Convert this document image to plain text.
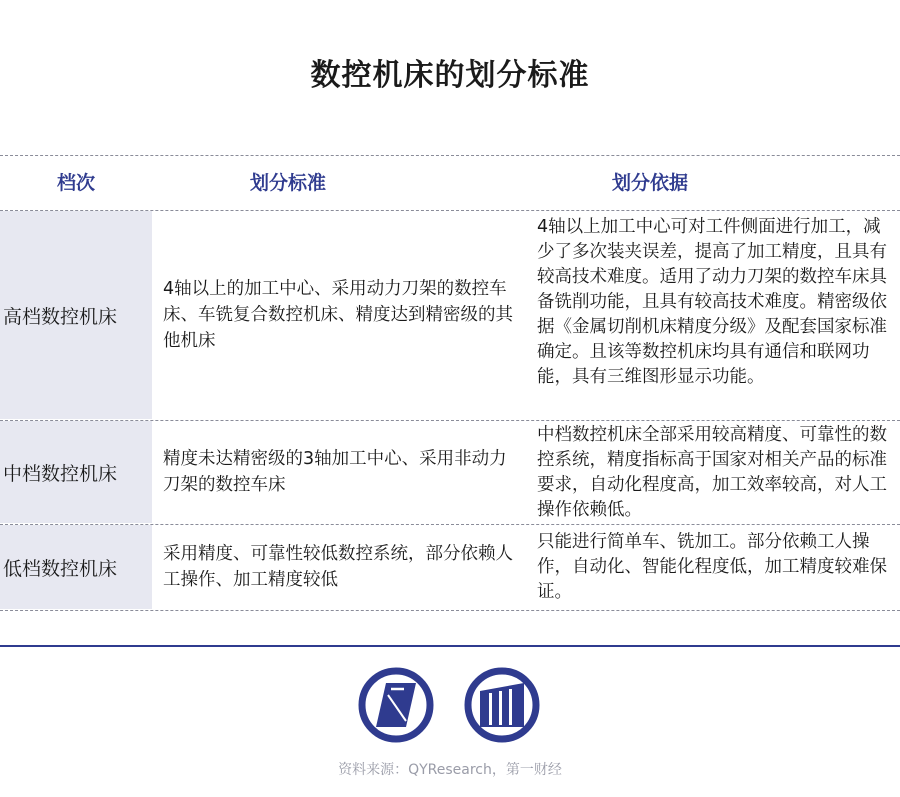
数控机床的划分标准
档次	划分标准	划分依据
高档数控机床
4轴以上的加工中心、采用动力刀架的数控车床、车铣复合数控机床、精度达到精密级的其他机床
4轴以上加工中心可对工件侧面进行加工，减少了多次装夹误差，提高了加工精度，且具有较高技术难度。适用了动力刀架的数控车床具备铣削功能，且具有较高技术难度。精密级依据《金属切削机床精度分级》及配套国家标准确定。且该等数控机床均具有通信和联网功能，具有三维图形显示功能。
中档数控机床
精度未达精密级的3轴加工中心、采用非动力刀架的数控车床
中档数控机床全部采用较高精度、可靠性的数控系统，精度指标高于国家对相关产品的标准要求，自动化程度高，加工效率较高，对人工操作依赖低。
低档数控机床
采用精度、可靠性较低数控系统，部分依赖人工操作、加工精度较低
只能进行简单车、铣加工。部分依赖工人操作，自动化、智能化程度低，加工精度较难保证。
资料来源：QYResearch，第一财经
